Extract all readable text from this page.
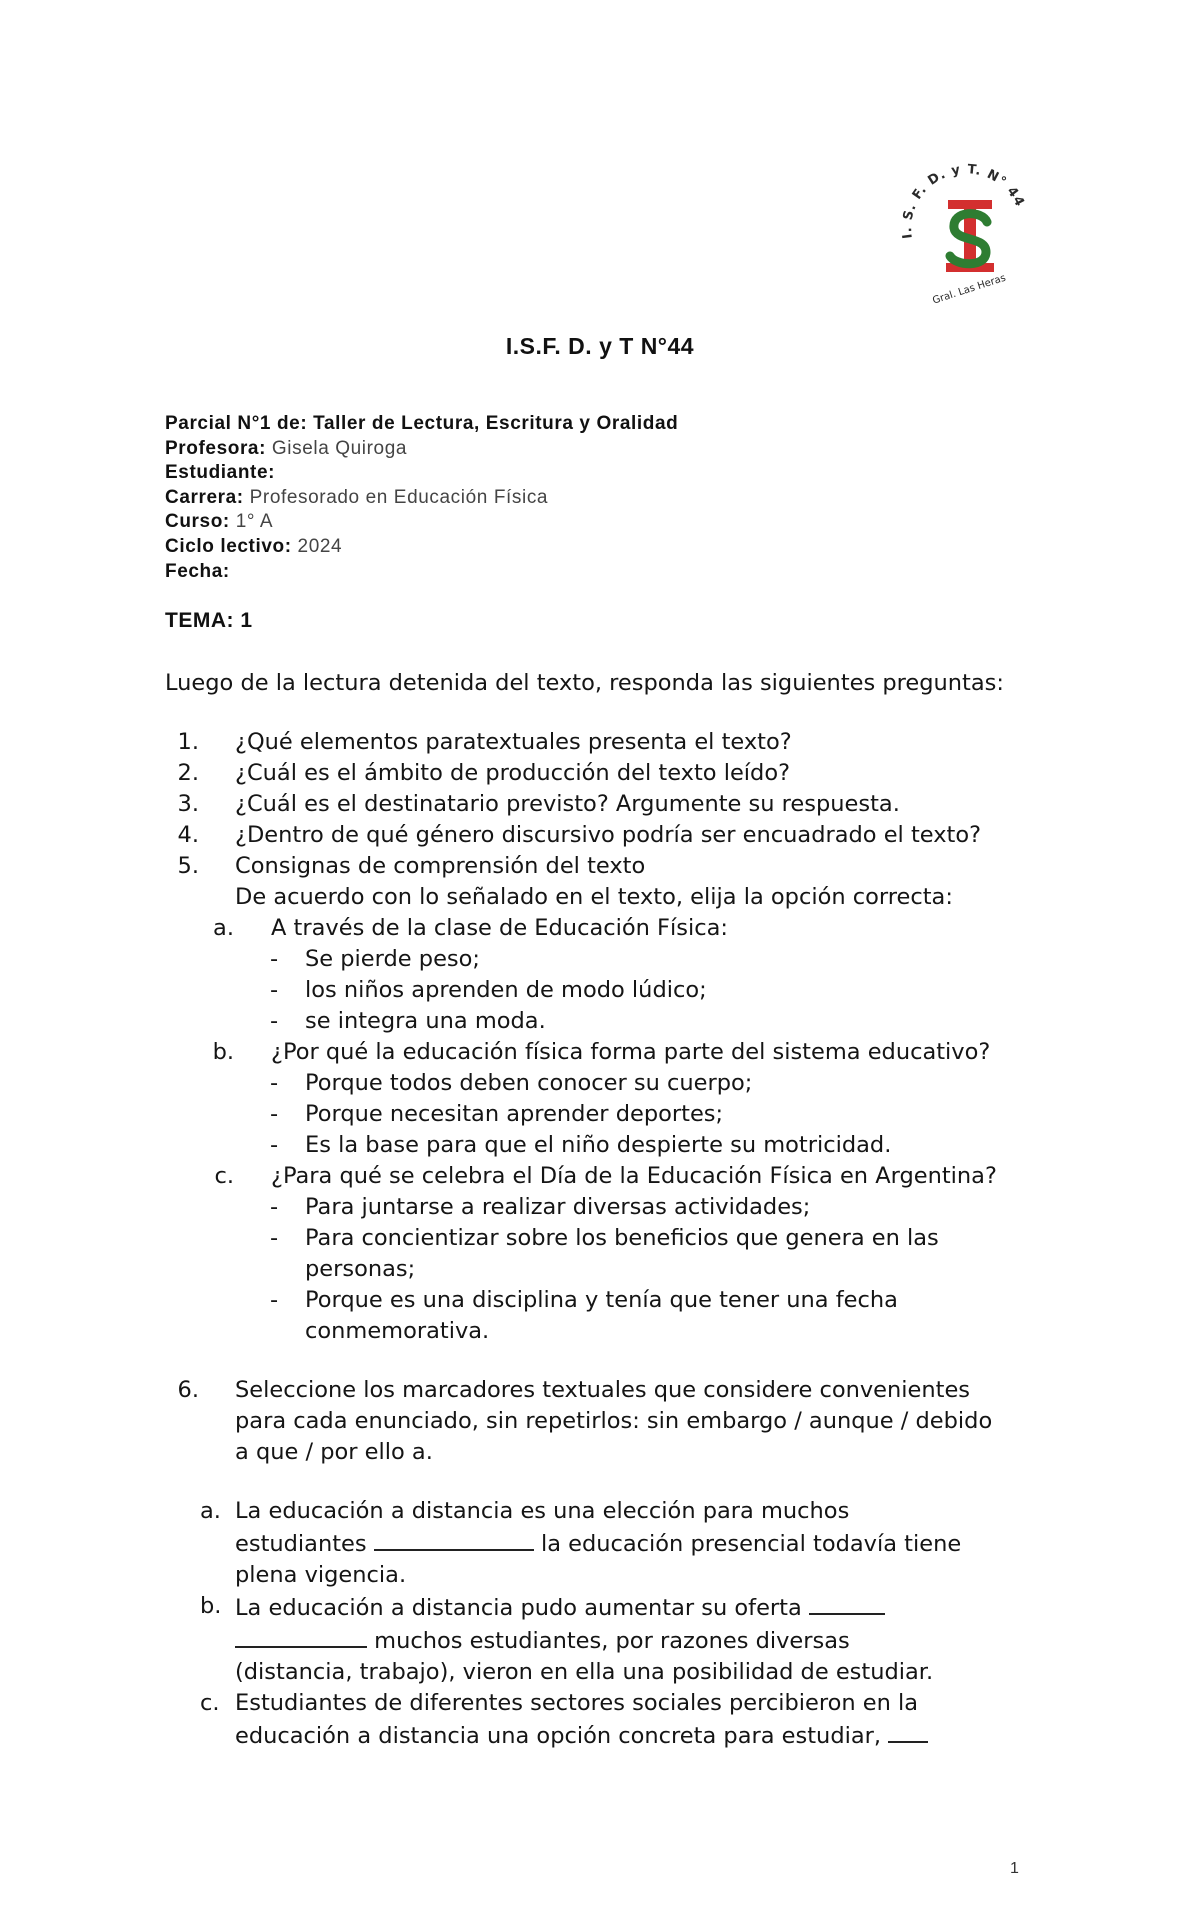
I. S. F. D. y T. N° 44
Gral. Las Heras
I.S.F. D. y T N°44
Parcial N°1 de: Taller de Lectura, Escritura y Oralidad
Profesora: Gisela Quiroga
Estudiante:
Carrera: Profesorado en Educación Física
Curso: 1° A
Ciclo lectivo: 2024
Fecha:
TEMA: 1
Luego de la lectura detenida del texto, responda las siguientes preguntas:
1. ¿Qué elementos paratextuales presenta el texto?
2. ¿Cuál es el ámbito de producción del texto leído?
3. ¿Cuál es el destinatario previsto? Argumente su respuesta.
4. ¿Dentro de qué género discursivo podría ser encuadrado el texto?
5. Consignas de comprensión del texto
De acuerdo con lo señalado en el texto, elija la opción correcta:
a. A través de la clase de Educación Física:
- Se pierde peso;
- los niños aprenden de modo lúdico;
- se integra una moda.
b. ¿Por qué la educación física forma parte del sistema educativo?
- Porque todos deben conocer su cuerpo;
- Porque necesitan aprender deportes;
- Es la base para que el niño despierte su motricidad.
c. ¿Para qué se celebra el Día de la Educación Física en Argentina?
- Para juntarse a realizar diversas actividades;
- Para concientizar sobre los beneficios que genera en las
personas;
- Porque es una disciplina y tenía que tener una fecha
conmemorativa.
6. Seleccione los marcadores textuales que considere convenientes
para cada enunciado, sin repetirlos: sin embargo / aunque / debido
a que / por ello a.
a. La educación a distancia es una elección para muchos
estudiantes	la educación presencial todavía tiene
plena vigencia.
b. La educación a distancia pudo aumentar su oferta
muchos estudiantes, por razones diversas
(distancia, trabajo), vieron en ella una posibilidad de estudiar.
c. Estudiantes de diferentes sectores sociales percibieron en la
educación a distancia una opción concreta para estudiar,
1
